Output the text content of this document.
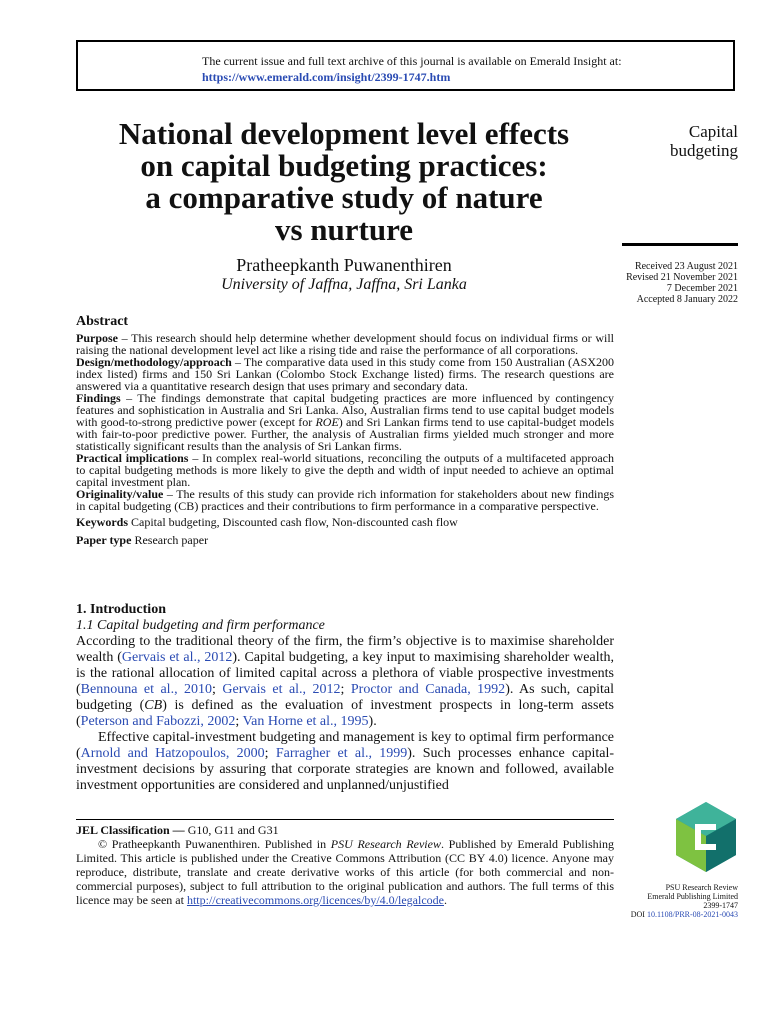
The current issue and full text archive of this journal is available on Emerald Insight at:
https://www.emerald.com/insight/2399-1747.htm
National development level effects
on capital budgeting practices:
a comparative study of nature
vs nurture
Capital
budgeting
Received 23 August 2021
Revised 21 November 2021
7 December 2021
Accepted 8 January 2022
Pratheepkanth Puwanenthiren
University of Jaffna, Jaffna, Sri Lanka
Abstract

Purpose – This research should help determine whether development should focus on individual firms or will raising the national development level act like a rising tide and raise the performance of all corporations.

Design/methodology/approach – The comparative data used in this study come from 150 Australian (ASX200 index listed) firms and 150 Sri Lankan (Colombo Stock Exchange listed) firms. The research questions are answered via a quantitative research design that uses primary and secondary data.

Findings – The findings demonstrate that capital budgeting practices are more influenced by contingency features and sophistication in Australia and Sri Lanka. Also, Australian firms tend to use capital budget models with good-to-strong predictive power (except for ROE) and Sri Lankan firms tend to use capital-budget models with fair-to-poor predictive power. Further, the analysis of Australian firms yielded much stronger and more statistically significant results than the analysis of Sri Lankan firms.

Practical implications – In complex real-world situations, reconciling the outputs of a multifaceted approach to capital budgeting methods is more likely to give the depth and width of input needed to achieve an optimal capital investment plan.

Originality/value – The results of this study can provide rich information for stakeholders about new findings in capital budgeting (CB) practices and their contributions to firm performance in a comparative perspective.

Keywords Capital budgeting, Discounted cash flow, Non-discounted cash flow

Paper type Research paper

1. Introduction
1.1 Capital budgeting and firm performance

According to the traditional theory of the firm, the firm’s objective is to maximise shareholder wealth (Gervais et al., 2012). Capital budgeting, a key input to maximising shareholder wealth, is the rational allocation of limited capital across a plethora of viable prospective investments (Bennouna et al., 2010; Gervais et al., 2012; Proctor and Canada, 1992). As such, capital budgeting (CB) is defined as the evaluation of investment prospects in long-term assets (Peterson and Fabozzi, 2002; Van Horne et al., 1995).

Effective capital-investment budgeting and management is key to optimal firm performance (Arnold and Hatzopoulos, 2000; Farragher et al., 1999). Such processes enhance capital-investment decisions by assuring that corporate strategies are known and followed, available investment opportunities are considered and unplanned/unjustified

JEL Classification — G10, G11 and G31

© Pratheepkanth Puwanenthiren. Published in PSU Research Review. Published by Emerald Publishing Limited. This article is published under the Creative Commons Attribution (CC BY 4.0) licence. Anyone may reproduce, distribute, translate and create derivative works of this article (for both commercial and non-commercial purposes), subject to full attribution to the original publication and authors. The full terms of this licence may be seen at http://creativecommons.org/licences/by/4.0/legalcode.

PSU Research Review
Emerald Publishing Limited
2399-1747
DOI 10.1108/PRR-08-2021-0043
